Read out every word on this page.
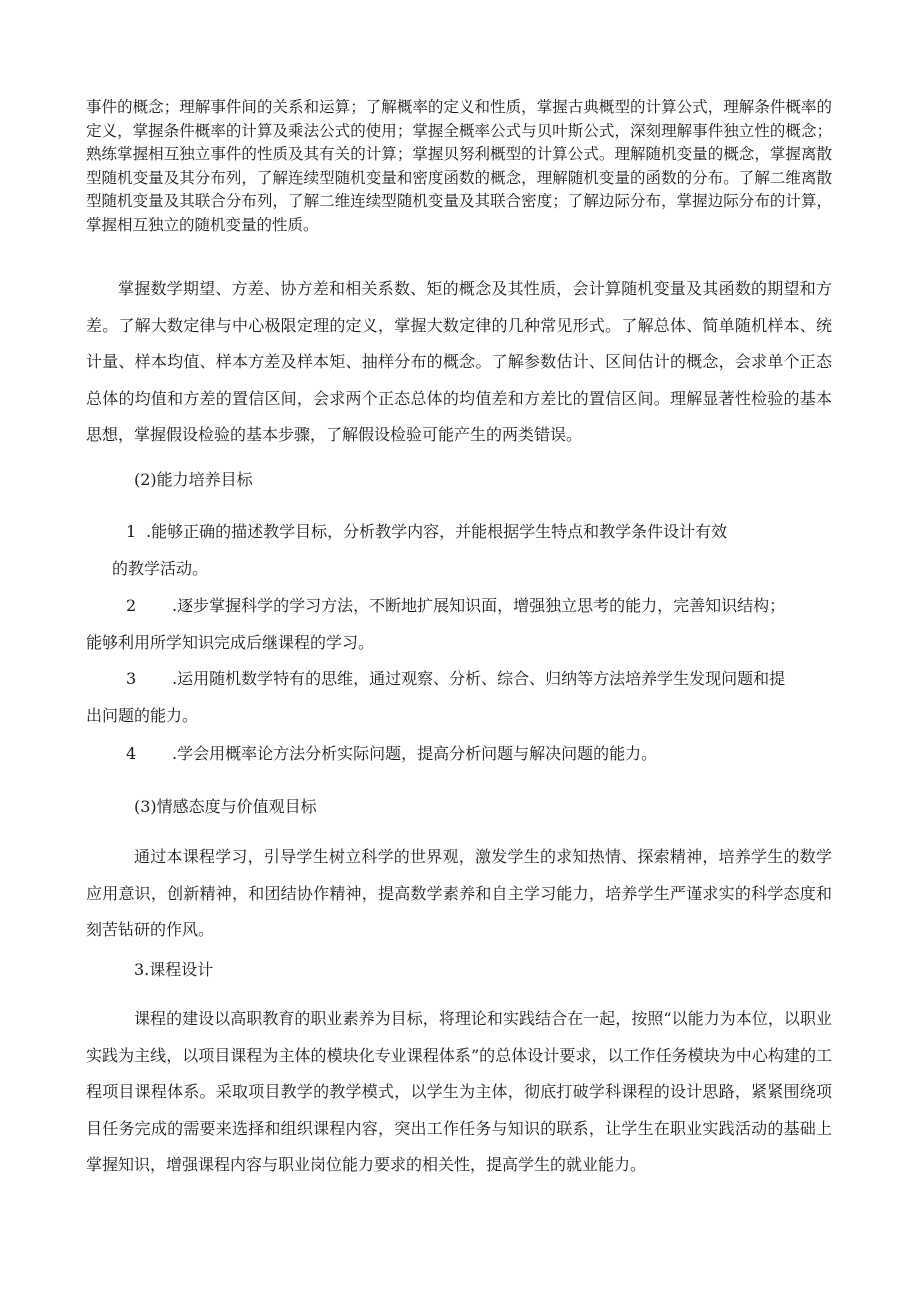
事件的概念；理解事件间的关系和运算；了解概率的定义和性质，掌握古典概型的计算公式，理解条件概率的定义，掌握条件概率的计算及乘法公式的使用；掌握全概率公式与贝叶斯公式，深刻理解事件独立性的概念；熟练掌握相互独立事件的性质及其有关的计算；掌握贝努利概型的计算公式。理解随机变量的概念，掌握离散型随机变量及其分布列，了解连续型随机变量和密度函数的概念，理解随机变量的函数的分布。了解二维离散型随机变量及其联合分布列，了解二维连续型随机变量及其联合密度；了解边际分布，掌握边际分布的计算，掌握相互独立的随机变量的性质。

掌握数学期望、方差、协方差和相关系数、矩的概念及其性质，会计算随机变量及其函数的期望和方差。了解大数定律与中心极限定理的定义，掌握大数定律的几种常见形式。了解总体、简单随机样本、统计量、样本均值、样本方差及样本矩、抽样分布的概念。了解参数估计、区间估计的概念，会求单个正态总体的均值和方差的置信区间，会求两个正态总体的均值差和方差比的置信区间。理解显著性检验的基本思想，掌握假设检验的基本步骤，了解假设检验可能产生的两类错误。

(2)能力培养目标

1 .能够正确的描述教学目标，分析教学内容，并能根据学生特点和教学条件设计有效
的教学活动。
2 .逐步掌握科学的学习方法，不断地扩展知识面，增强独立思考的能力，完善知识结构；
能够利用所学知识完成后继课程的学习。
3 .运用随机数学特有的思维，通过观察、分析、综合、归纳等方法培养学生发现问题和提
出问题的能力。
4 .学会用概率论方法分析实际问题，提高分析问题与解决问题的能力。

(3)情感态度与价值观目标

通过本课程学习，引导学生树立科学的世界观，激发学生的求知热情、探索精神，培养学生的数学应用意识，创新精神，和团结协作精神，提高数学素养和自主学习能力，培养学生严谨求实的科学态度和刻苦钻研的作风。

3.课程设计

课程的建设以高职教育的职业素养为目标，将理论和实践结合在一起，按照“以能力为本位，以职业实践为主线，以项目课程为主体的模块化专业课程体系”的总体设计要求，以工作任务模块为中心构建的工程项目课程体系。采取项目教学的教学模式，以学生为主体，彻底打破学科课程的设计思路，紧紧围绕项目任务完成的需要来选择和组织课程内容，突出工作任务与知识的联系，让学生在职业实践活动的基础上掌握知识，增强课程内容与职业岗位能力要求的相关性，提高学生的就业能力。
